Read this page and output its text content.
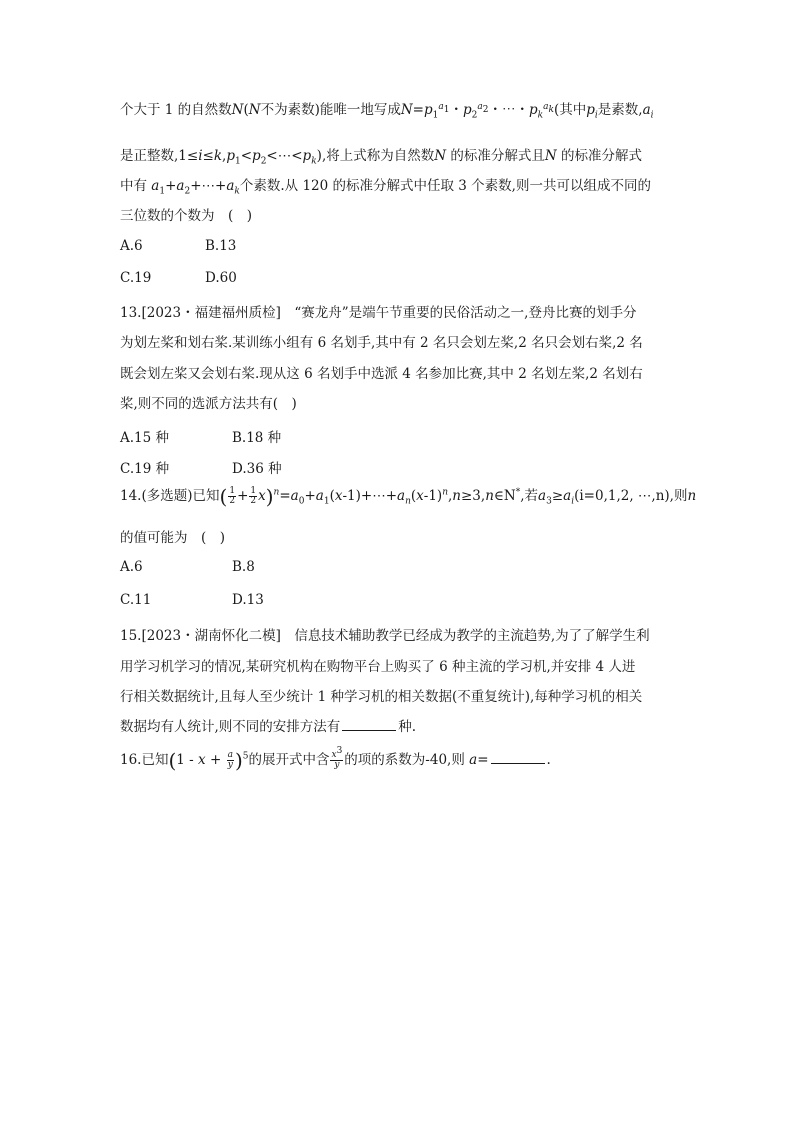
个大于 1 的自然数N(N不为素数)能唯一地写成$N=p_1^{a_1}$・$p_2^{a_2}$・⋯・$p_k^{a_k}$(其中$p_i$是素数$,a_i$
是正整数$,1\le i\le k,p_1<p_2<\cdots<p_k$),将上式称为自然数N 的标准分解式且N 的标准分解式
中有 $a_1+a_2+\cdots+a_k$个素数.从 120 的标准分解式中任取 3 个素数,则一共可以组成不同的
三位数的个数为　(　)
A.6	B.13
C.19	D.60
13.[2023・福建福州质检]　“赛龙舟”是端午节重要的民俗活动之一,登舟比赛的划手分
为划左桨和划右桨.某训练小组有 6 名划手,其中有 2 名只会划左桨,2 名只会划右桨,2 名
既会划左桨又会划右桨.现从这 6 名划手中选派 4 名参加比赛,其中 2 名划左桨,2 名划右
桨,则不同的选派方法共有(　)
A.15 种	B.18 种
C.19 种	D.36 种
14.(多选题)已知( $\frac{1}{2} + \frac{1}{2}$ $x)^n=a_0+a_1(x-1)+\cdots+a_n(x-1)^n,n\ge 3,n\in N^*$,若$a_3\ge a_i(i=0,1,2$, ⋯,n),则n
的值可能为　(　)
A.6	B.8
C.11	D.13
15.[2023・湖南怀化二模]　信息技术辅助教学已经成为教学的主流趋势,为了了解学生利
用学习机学习的情况,某研究机构在购物平台上购买了 6 种主流的学习机,并安排 4 人进
行相关数据统计,且每人至少统计 1 种学习机的相关数据(不重复统计),每种学习机的相关
数据均有人统计,则不同的安排方法有	种.
16.已知$(1 - x + \frac{a}{y} )^5$的展开式中含 $\frac{x^3}{y}$ 的项的系数为-40,则 a=	.
